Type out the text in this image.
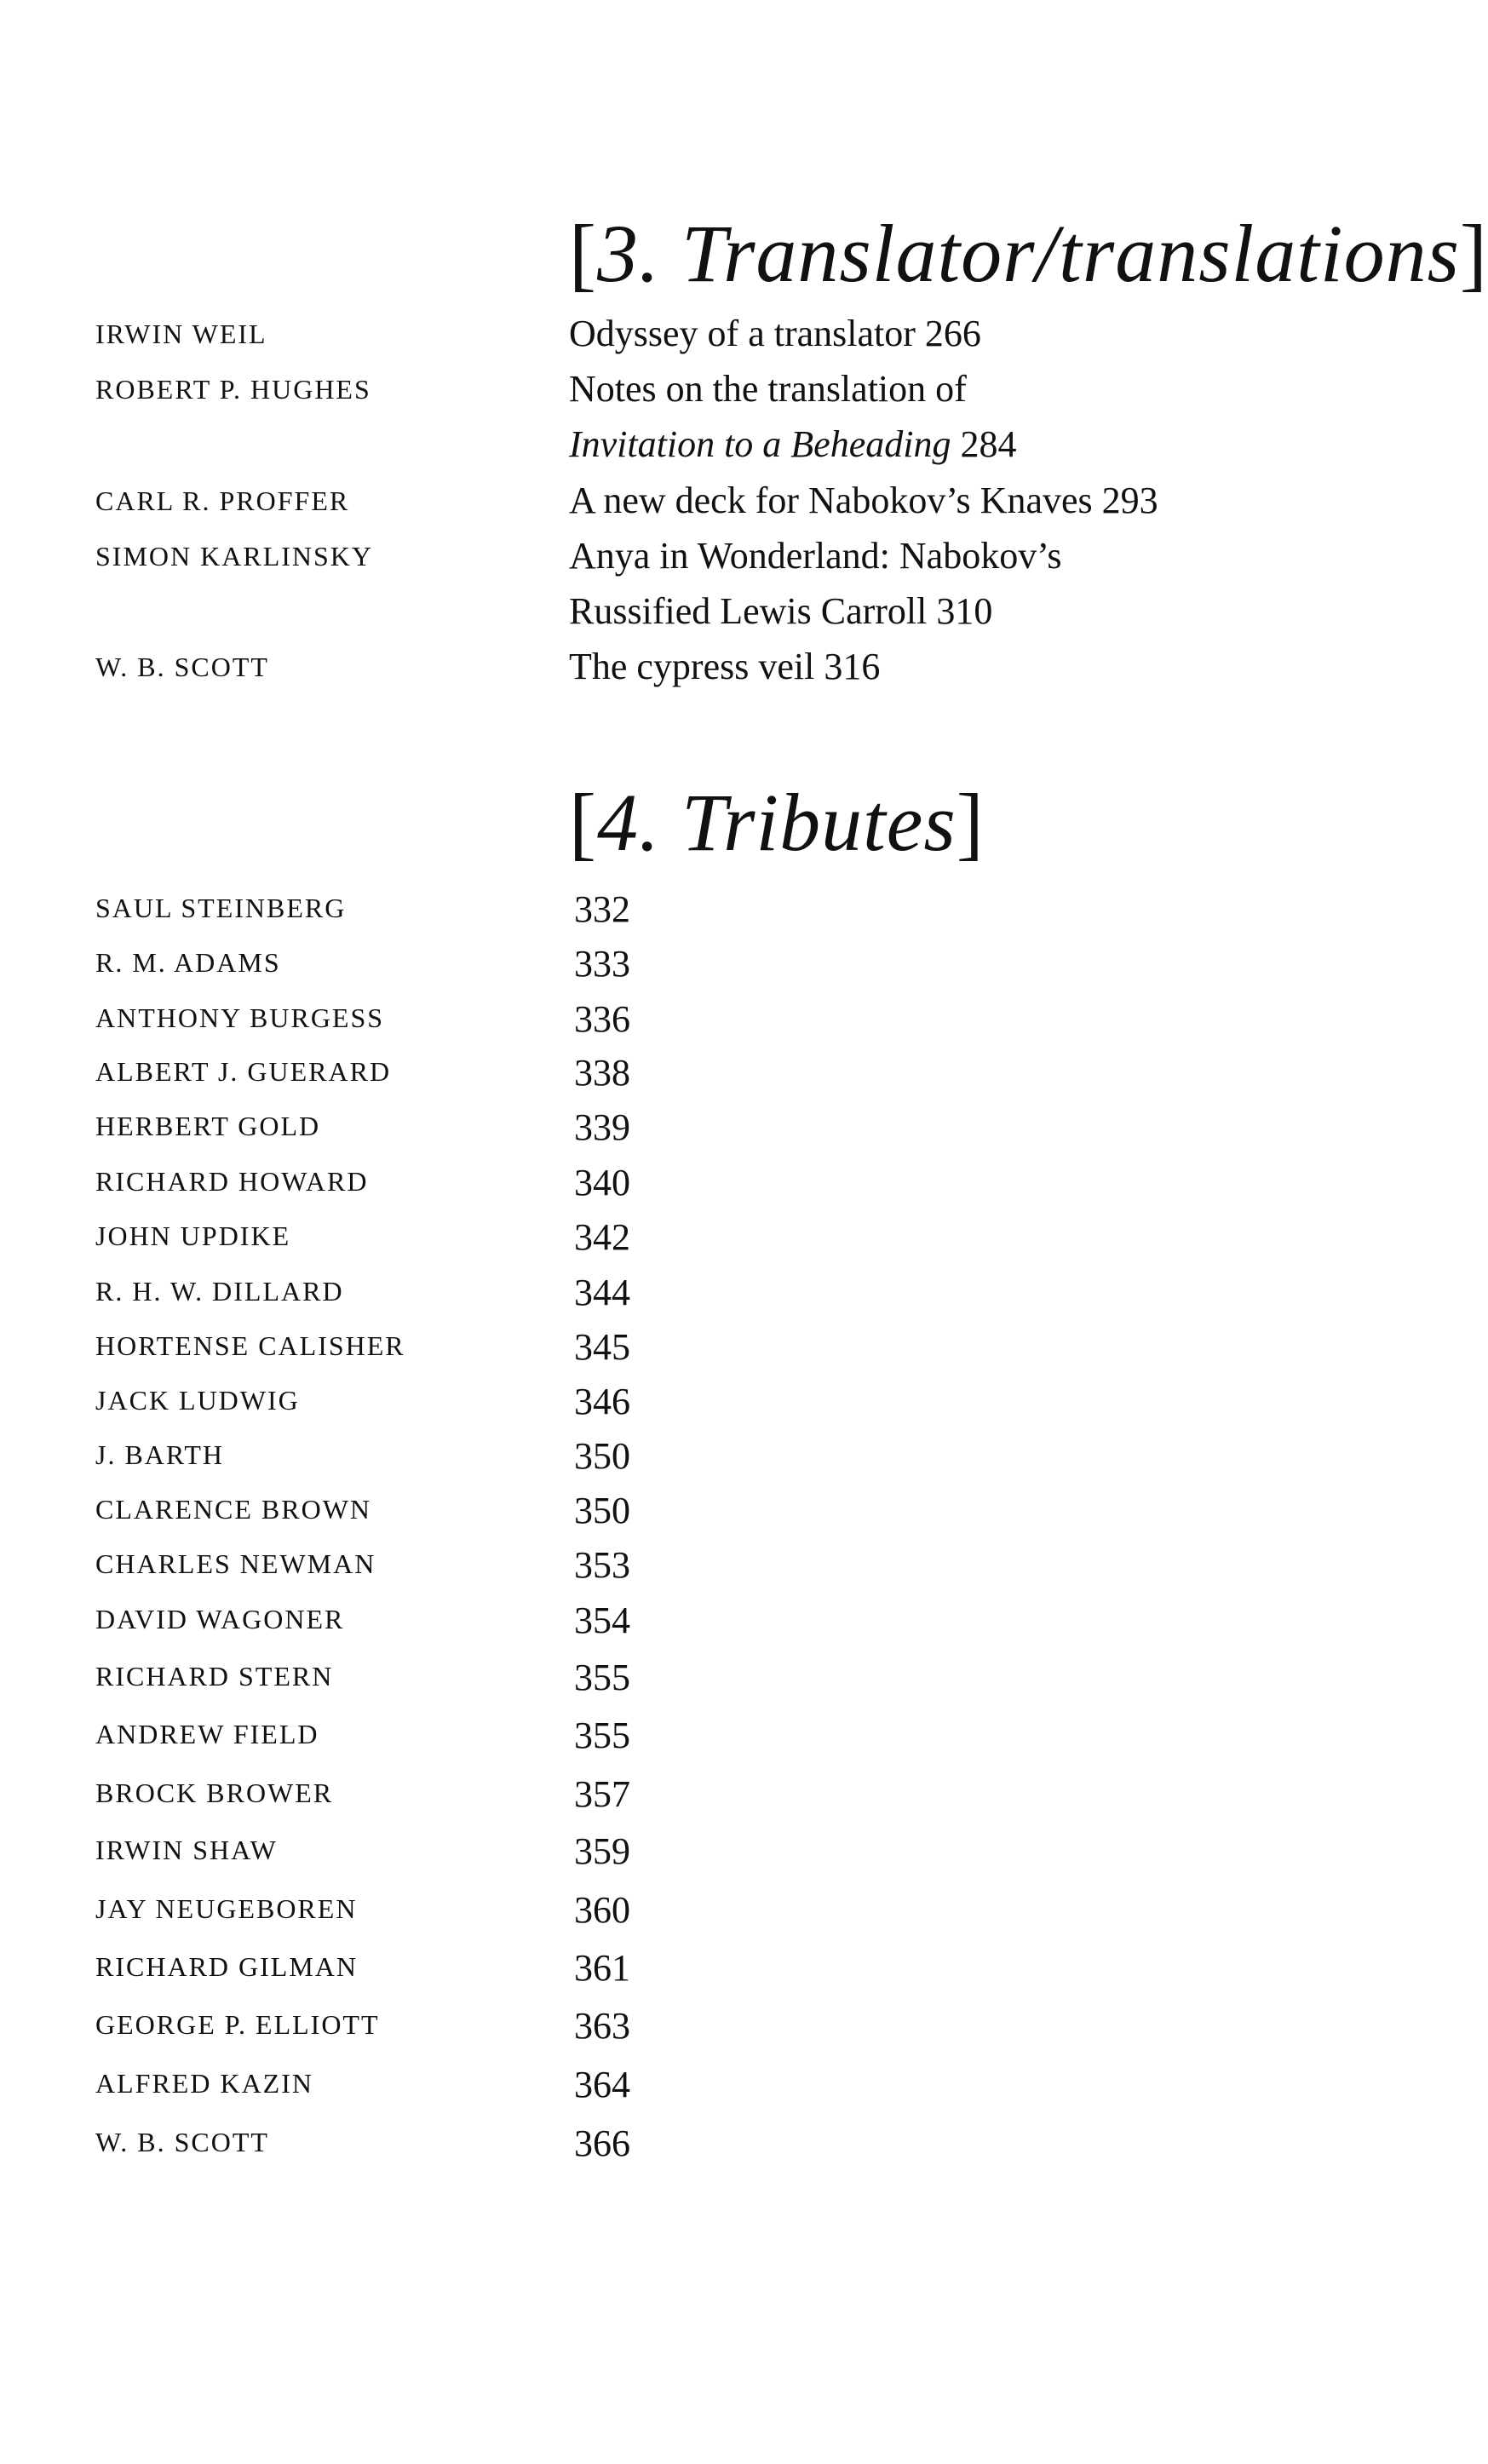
[3. Translator/translations]
IRWIN WEIL	Odyssey of a translator 266
ROBERT P. HUGHES	Notes on the translation of
Invitation to a Beheading 284
CARL R. PROFFER	A new deck for Nabokov’s Knaves 293
SIMON KARLINSKY	Anya in Wonderland: Nabokov’s
Russified Lewis Carroll 310
W. B. SCOTT	The cypress veil 316
[4. Tributes]
SAUL STEINBERG	332
R. M. ADAMS	333
ANTHONY BURGESS	336
ALBERT J. GUERARD	338
HERBERT GOLD	339
RICHARD HOWARD	340
JOHN UPDIKE	342
R. H. W. DILLARD	344
HORTENSE CALISHER	345
JACK LUDWIG	346
J. BARTH	350
CLARENCE BROWN	350
CHARLES NEWMAN	353
DAVID WAGONER	354
RICHARD STERN	355
ANDREW FIELD	355
BROCK BROWER	357
IRWIN SHAW	359
JAY NEUGEBOREN	360
RICHARD GILMAN	361
GEORGE P. ELLIOTT	363
ALFRED KAZIN	364
W. B. SCOTT	366
